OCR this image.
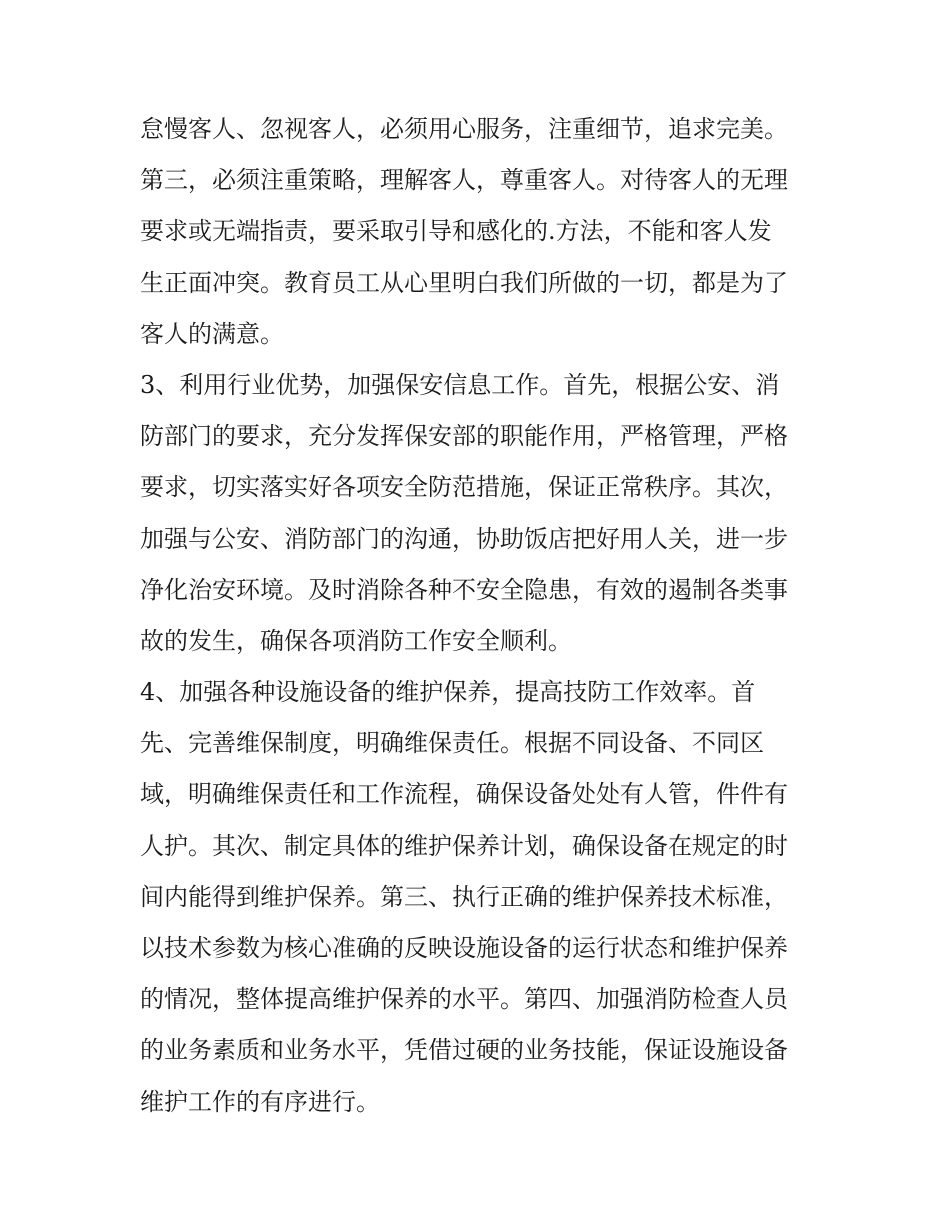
怠慢客人、忽视客人，必须用心服务，注重细节，追求完美。
第三，必须注重策略，理解客人，尊重客人。对待客人的无理
要求或无端指责，要采取引导和感化的.方法，不能和客人发
生正面冲突。教育员工从心里明白我们所做的一切，都是为了
客人的满意。
3、利用行业优势，加强保安信息工作。首先，根据公安、消
防部门的要求，充分发挥保安部的职能作用，严格管理，严格
要求，切实落实好各项安全防范措施，保证正常秩序。其次，
加强与公安、消防部门的沟通，协助饭店把好用人关，进一步
净化治安环境。及时消除各种不安全隐患，有效的遏制各类事
故的发生，确保各项消防工作安全顺利。
4、加强各种设施设备的维护保养，提高技防工作效率。首
先、完善维保制度，明确维保责任。根据不同设备、不同区
域，明确维保责任和工作流程，确保设备处处有人管，件件有
人护。其次、制定具体的维护保养计划，确保设备在规定的时
间内能得到维护保养。第三、执行正确的维护保养技术标准，
以技术参数为核心准确的反映设施设备的运行状态和维护保养
的情况，整体提高维护保养的水平。第四、加强消防检查人员
的业务素质和业务水平，凭借过硬的业务技能，保证设施设备
维护工作的有序进行。
